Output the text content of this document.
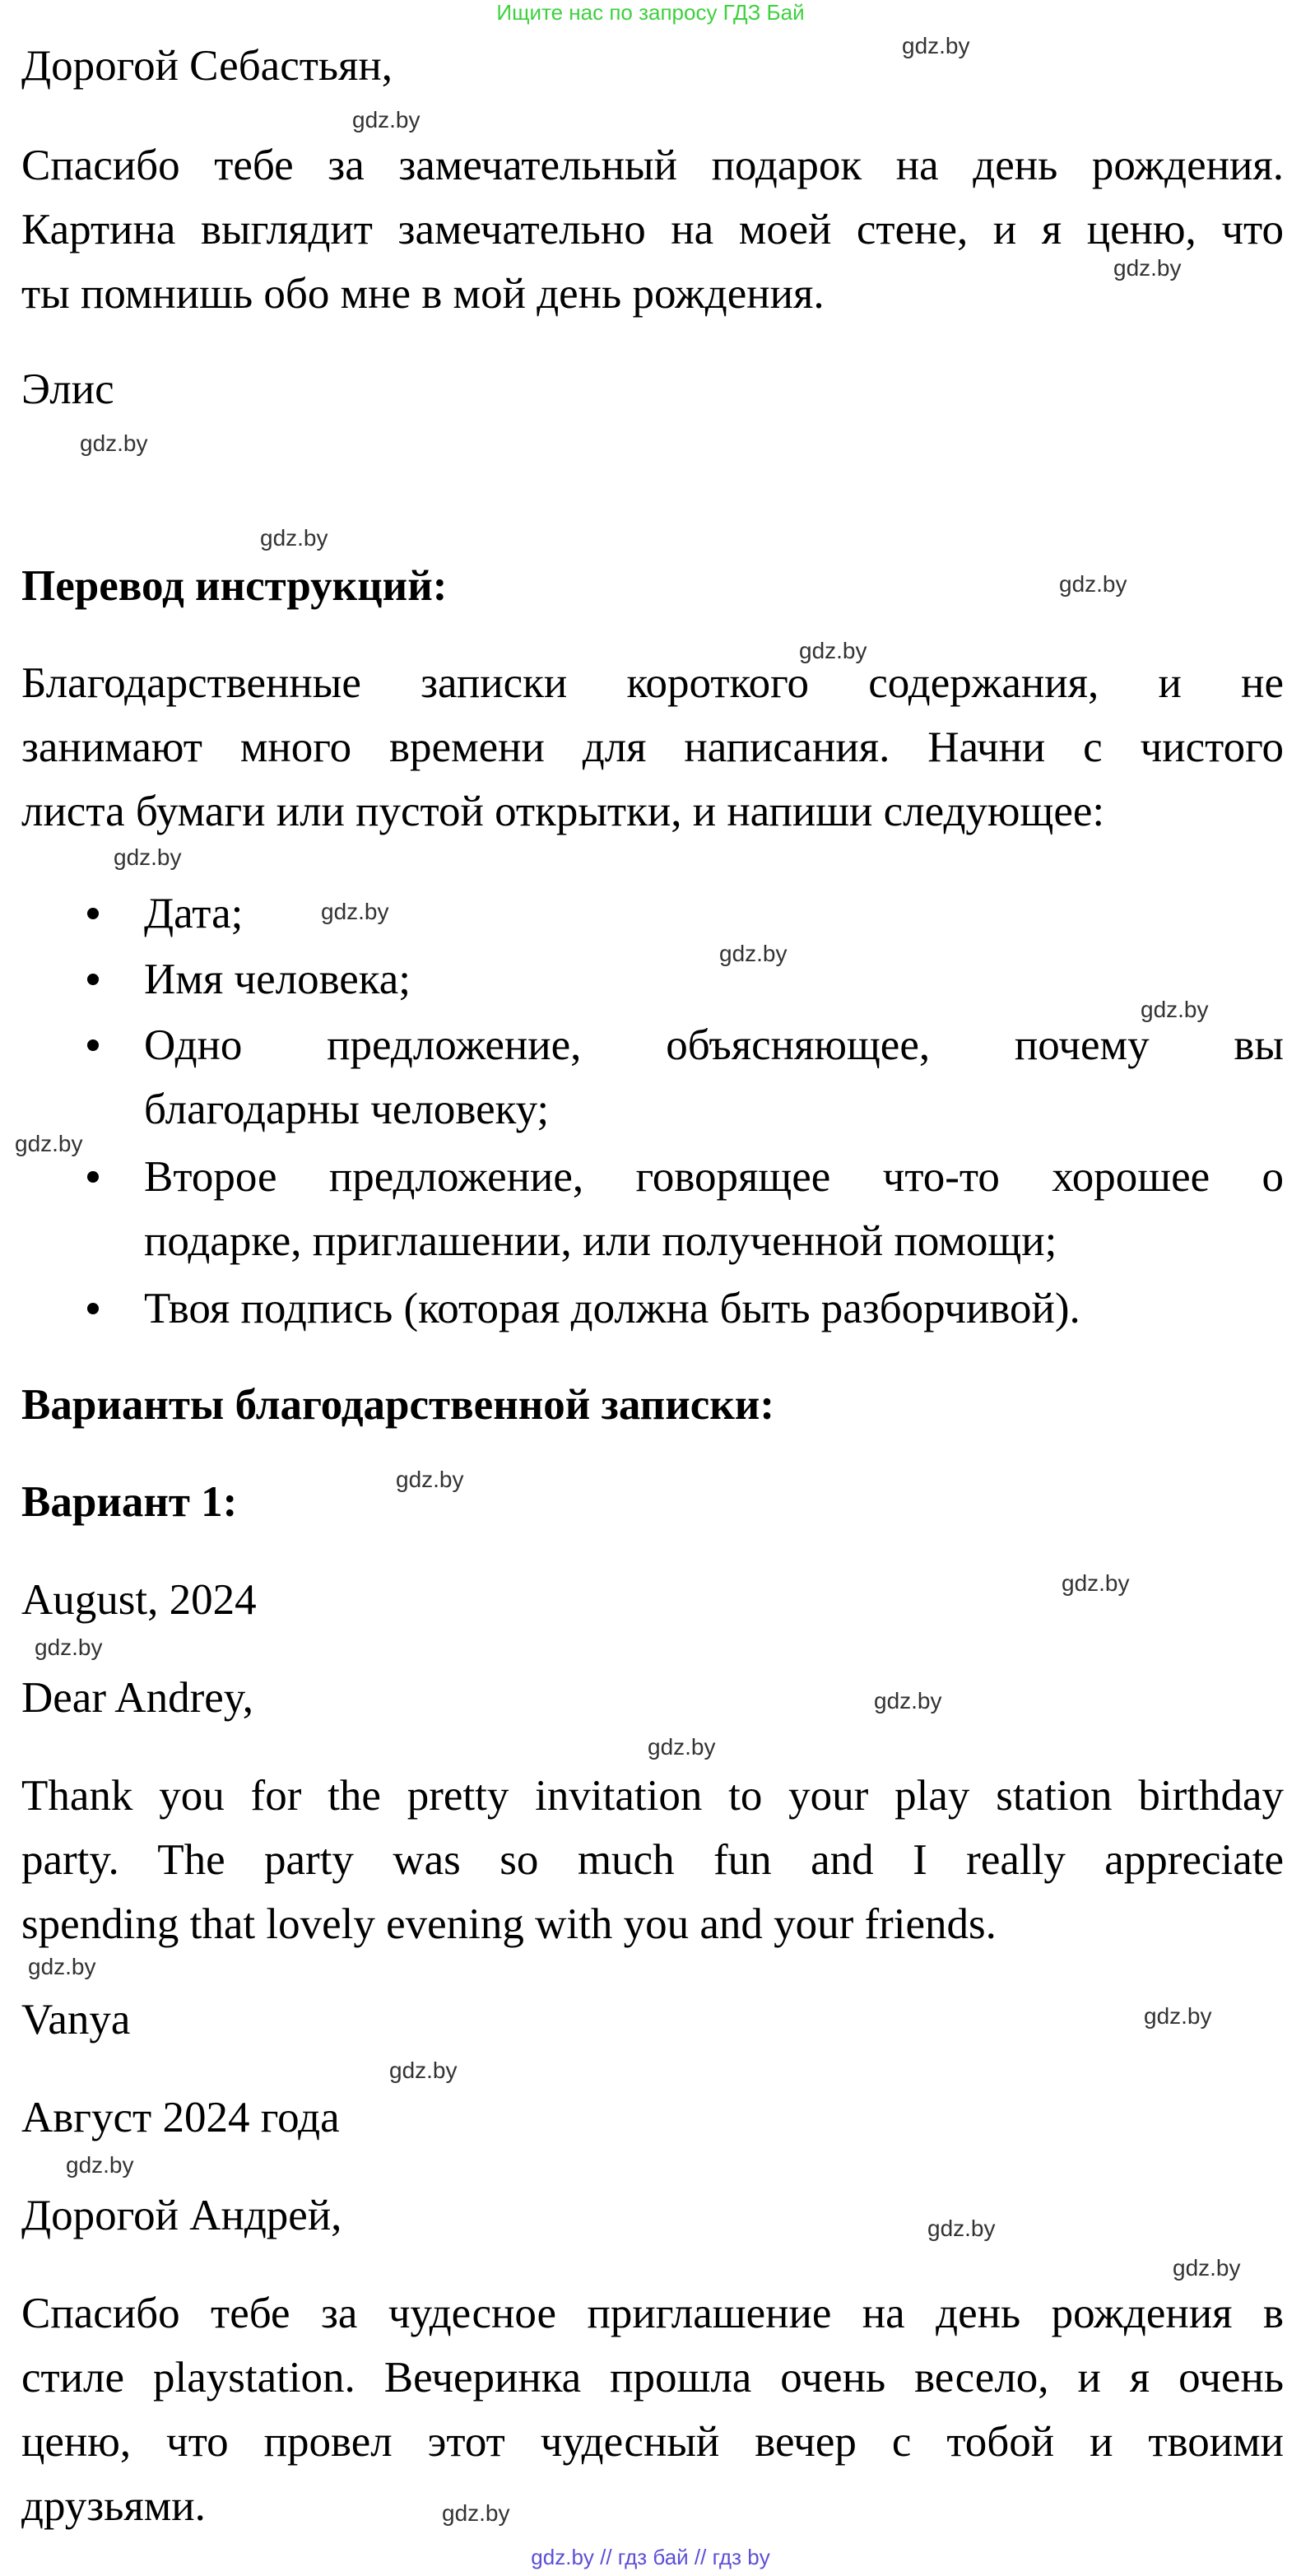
Ищите нас по запросу ГДЗ Бай
Дорогой Себастьян,
Спасибо тебе за замечательный подарок на день рождения.
Картина выглядит замечательно на моей стене, и я ценю, что
ты помнишь обо мне в мой день рождения.
Элис
Перевод инструкций:
Благодарственные записки короткого содержания, и не
занимают много времени для написания. Начни с чистого
листа бумаги или пустой открытки, и напиши следующее:
Дата;
Имя человека;
Одно предложение, объясняющее, почему вы
благодарны человеку;
Второе предложение, говорящее что-то хорошее о
подарке, приглашении, или полученной помощи;
Твоя подпись (которая должна быть разборчивой).
Варианты благодарственной записки:
Вариант 1:
August, 2024
Dear Andrey,
Thank you for the pretty invitation to your play station birthday
party. The party was so much fun and I really appreciate
spending that lovely evening with you and your friends.
Vanya
Август 2024 года
Дорогой Андрей,
Спасибо тебе за чудесное приглашение на день рождения в
стиле playstation. Вечеринка прошла очень весело, и я очень
ценю, что провел этот чудесный вечер с тобой и твоими
друзьями.
gdz.by
gdz.by
gdz.by
gdz.by
gdz.by
gdz.by
gdz.by
gdz.by
gdz.by
gdz.by
gdz.by
gdz.by
gdz.by
gdz.by
gdz.by
gdz.by
gdz.by
gdz.by
gdz.by
gdz.by
gdz.by
gdz.by
gdz.by
gdz.by
gdz.by // гдз бай // гдз by
